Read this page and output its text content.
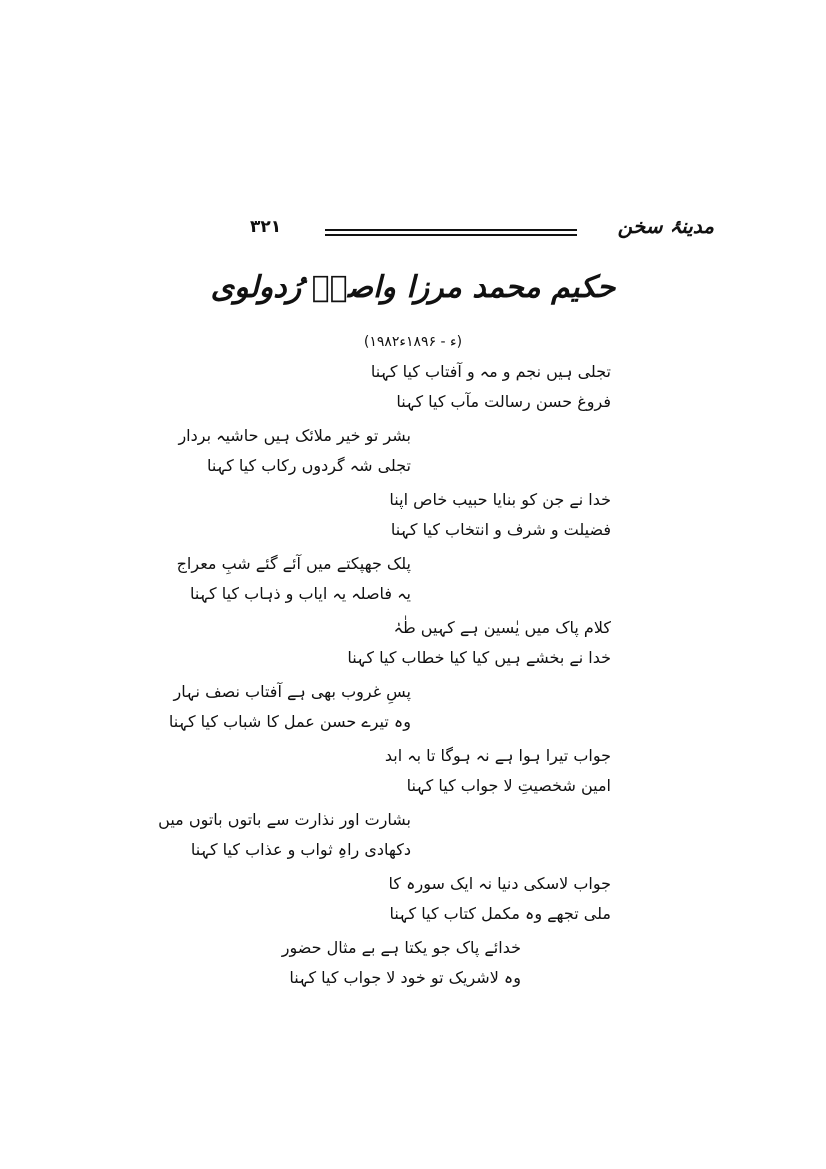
مدینۂ سخن
۳۲۱
حکیم محمد مرزا واصفؔ رُدولوی
(۱۹۸۲ء - ۱۸۹۶ء)
تجلی ہیں نجم و مہ و آفتاب کیا کہنا
فروغ حسن رسالت مآب کیا کہنا
بشر تو خیر ملائک ہیں حاشیہ بردار
تجلی شہ گردوں رکاب کیا کہنا
خدا نے جن کو بنایا حبیب خاص اپنا
فضیلت و شرف و انتخاب کیا کہنا
پلک جھپکتے میں آئے گئے شبِ معراج
یہ فاصلہ یہ ایاب و ذہاب کیا کہنا
کلام پاک میں یٰسین ہے کہیں طٰہٰ
خدا نے بخشے ہیں کیا کیا خطاب کیا کہنا
پسِ غروب بھی ہے آفتاب نصف نہار
وہ تیرے حسن عمل کا شباب کیا کہنا
جواب تیرا ہوا ہے نہ ہوگا تا بہ ابد
امین شخصیتِ لا جواب کیا کہنا
بشارت اور نذارت سے باتوں باتوں میں
دکھادی راہِ ثواب و عذاب کیا کہنا
جواب لاسکی دنیا نہ ایک سورہ کا
ملی تجھے وہ مکمل کتاب کیا کہنا
خدائے پاک جو یکتا ہے بے مثال حضور
وہ لاشریک تو خود لا جواب کیا کہنا
